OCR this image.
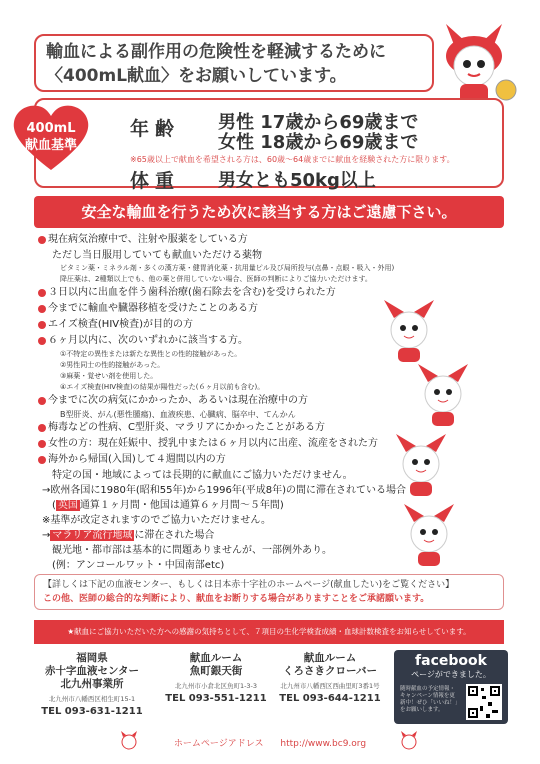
輸血による副作用の危険性を軽減するために
〈400mL献血〉をお願いしています。
400mL
献血基準
年齢 男性 17歳から69歳まで
女性 18歳から69歳まで
※65歳以上で献血を希望される方は、60歳〜64歳までに献血を経験された方に限ります。
体重 男女とも50kg以上
安全な輸血を行うため次に該当する方はご遠慮下さい。
現在病気治療中で、注射や服薬をしている方
ただし当日服用していても献血いただける薬物
ビタミン薬・ミネラル剤・多くの漢方薬・健胃消化薬・抗用量ピル及び局所投与(点鼻・点眼・吸入・外用)
降圧薬は、2種類以上でも、他の薬と併用していない場合、医師の判断によりご協力いただけます。
３日以内に出血を伴う歯科治療(歯石除去を含む)を受けられた方
今までに輸血や臓器移植を受けたことのある方
エイズ検査(HIV検査)が目的の方
６ヶ月以内に、次のいずれかに該当する方。
①不特定の異性または新たな異性との性的接触があった。
②男性同士の性的接触があった。
③麻薬・覚せい剤を使用した。
④エイズ検査(HIV検査)の結果が陽性だった(６ヶ月以前も含む)。
今までに次の病気にかかったか、あるいは現在治療中の方
B型肝炎、がん(悪性腫瘍)、血液疾患、心臓病、脳卒中、てんかん
梅毒などの性病、C型肝炎、マラリアにかかったことがある方
女性の方：現在妊娠中、授乳中または６ヶ月以内に出産、流産をされた方
海外から帰国(入国)して４週間以内の方
特定の国・地域によっては長期的に献血にご協力いただけません。
→欧州各国に1980年(昭和55年)から1996年(平成8年)の間に滞在されている場合
( 英国 通算１ヶ月間・他国は通算６ヶ月間〜５年間)
※基準が改定されますのでご協力いただけません。
→ マラリア流行地域 に滞在された場合
観光地・都市部は基本的に問題ありませんが、一部例外あり。
(例：アンコールワット・中国南部etc)
【詳しくは下記の血液センター、もしくは日本赤十字社のホームページ(献血したい)をご覧ください】
この他、医師の総合的な判断により、献血をお断りする場合がありますことをご承諾願います。
★献血にご協力いただいた方への感謝の気持ちとして、７項目の生化学検査成績・血球計数検査をお知らせしています。
福岡県
赤十字血液センター
北九州事業所
北九州市八幡西区相生町15-1
TEL 093-631-1211
献血ルーム
魚町銀天街
北九州市小倉北区魚町1-3-3
TEL 093-551-1211
献血ルーム
くろさきクローバー
北九州市八幡西区西曲里町3番1号
TEL 093-644-1211
facebook
ページができました。
随時献血の予定情報・キャンペーン情報を更新中！ぜひ「いいね！」をお願いします。
ホームページアドレス http://www.bc9.org
